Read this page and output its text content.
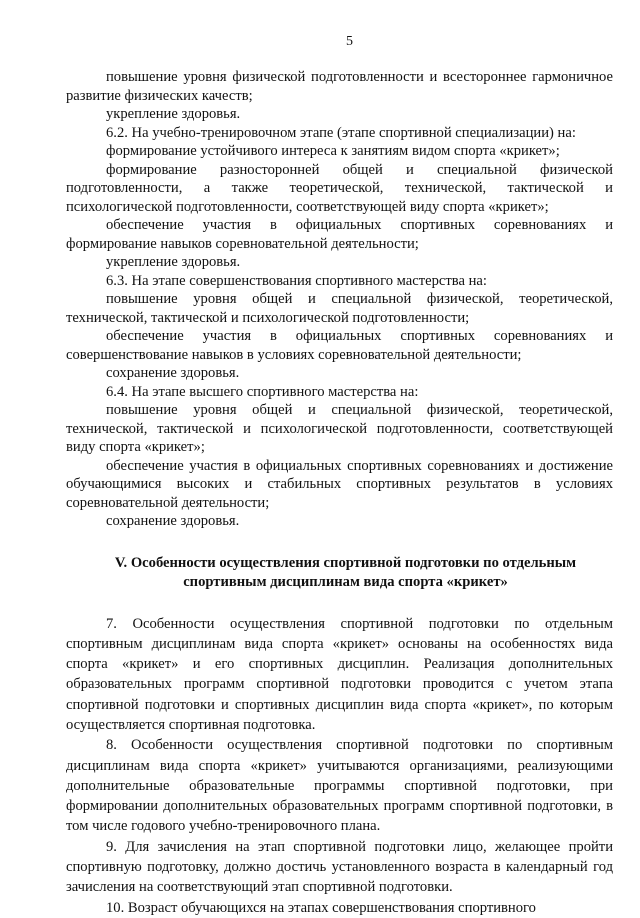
5

повышение уровня физической подготовленности и всестороннее гармоничное развитие физических качеств;

укрепление здоровья.

6.2. На учебно-тренировочном этапе (этапе спортивной специализации) на:

формирование устойчивого интереса к занятиям видом спорта «крикет»;

формирование разносторонней общей и специальной физической подготовленности, а также теоретической, технической, тактической и психологической подготовленности, соответствующей виду спорта «крикет»;

обеспечение участия в официальных спортивных соревнованиях и формирование навыков соревновательной деятельности;

укрепление здоровья.

6.3. На этапе совершенствования спортивного мастерства на:

повышение уровня общей и специальной физической, теоретической, технической, тактической и психологической подготовленности;

обеспечение участия в официальных спортивных соревнованиях и совершенствование навыков в условиях соревновательной деятельности;

сохранение здоровья.

6.4. На этапе высшего спортивного мастерства на:

повышение уровня общей и специальной физической, теоретической, технической, тактической и психологической подготовленности, соответствующей виду спорта «крикет»;

обеспечение участия в официальных спортивных соревнованиях и достижение обучающимися высоких и стабильных спортивных результатов в условиях соревновательной деятельности;

сохранение здоровья.

V. Особенности осуществления спортивной подготовки по отдельным
спортивным дисциплинам вида спорта «крикет»

7. Особенности осуществления спортивной подготовки по отдельным спортивным дисциплинам вида спорта «крикет» основаны на особенностях вида спорта «крикет» и его спортивных дисциплин. Реализация дополнительных образовательных программ спортивной подготовки проводится с учетом этапа спортивной подготовки и спортивных дисциплин вида спорта «крикет», по которым осуществляется спортивная подготовка.

8. Особенности осуществления спортивной подготовки по спортивным дисциплинам вида спорта «крикет» учитываются организациями, реализующими дополнительные образовательные программы спортивной подготовки, при формировании дополнительных образовательных программ спортивной подготовки, в том числе годового учебно-тренировочного плана.

9. Для зачисления на этап спортивной подготовки лицо, желающее пройти спортивную подготовку, должно достичь установленного возраста в календарный год зачисления на соответствующий этап спортивной подготовки.

10. Возраст обучающихся на этапах совершенствования спортивного
